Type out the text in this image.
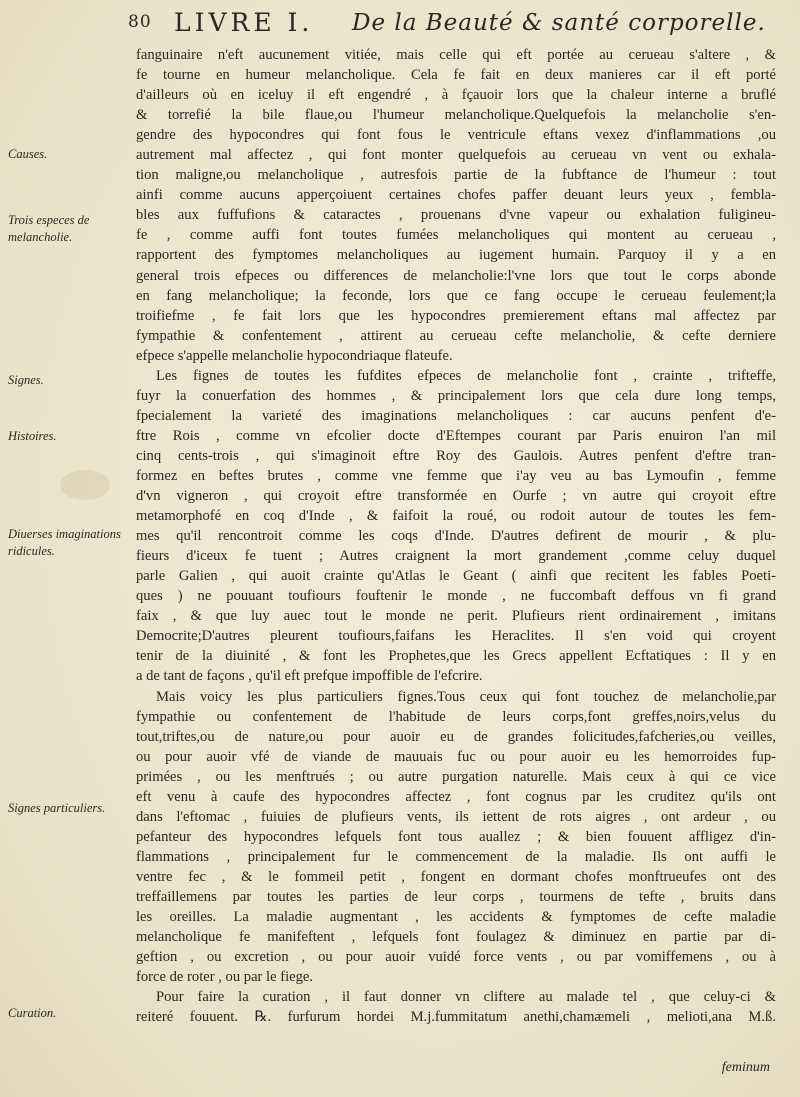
80 LIVRE I. De la Beauté & santé corporelle.
Causes.
Trois especes de melancholie.
Signes.
Histoires.
Diuerses imaginations ridicules.
Signes particuliers.
Curation.
fanguinaire n'eft aucunement vitiée, mais celle qui eft portée au cerueau s'altere , &
fe tourne en humeur melancholique. Cela fe fait en deux manieres car il eft porté
d'ailleurs où en iceluy il eft engendré , à fçauoir lors que la chaleur interne a bruflé
& torrefié la bile flaue,ou l'humeur melancholique.Quelquefois la melancholie s'en-
gendre des hypocondres qui font fous le ventricule eftans vexez d'inflammations ,ou
autrement mal affectez , qui font monter quelquefois au cerueau vn vent ou exhala-
tion maligne,ou melancholique , autresfois partie de la fubftance de l'humeur : tout
ainfi comme aucuns apperçoiuent certaines chofes paffer deuant leurs yeux , fembla-
bles aux fuffufions & cataractes , prouenans d'vne vapeur ou exhalation fuligineu-
fe , comme auffi font toutes fumées melancholiques qui montent au cerueau ,
rapportent des fymptomes melancholiques au iugement humain. Parquoy il y a en
general trois efpeces ou differences de melancholie:l'vne lors que tout le corps abonde
en fang melancholique; la feconde, lors que ce fang occupe le cerueau feulement;la
troifiefme , fe fait lors que les hypocondres premierement eftans mal affectez par
fympathie & confentement , attirent au cerueau cefte melancholie, & cefte derniere
efpece s'appelle melancholie hypocondriaque flateufe.
Les fignes de toutes les fufdites efpeces de melancholie font , crainte , trifteffe,
fuyr la conuerfation des hommes , & principalement lors que cela dure long temps,
fpecialement la varieté des imaginations melancholiques : car aucuns penfent d'e-
ftre Rois , comme vn efcolier docte d'Eftempes courant par Paris enuiron l'an mil
cinq cents-trois , qui s'imaginoit eftre Roy des Gaulois. Autres penfent d'eftre tran-
formez en beftes brutes , comme vne femme que i'ay veu au bas Lymoufin , femme
d'vn vigneron , qui croyoit eftre transformée en Ourfe ; vn autre qui croyoit eftre
metamorphofé en coq d'Inde , & faifoit la roué, ou rodoit autour de toutes les fem-
mes qu'il rencontroit comme les coqs d'Inde. D'autres defirent de mourir , & plu-
fieurs d'iceux fe tuent ; Autres craignent la mort grandement ,comme celuy duquel
parle Galien , qui auoit crainte qu'Atlas le Geant ( ainfi que recitent les fables Poeti-
ques ) ne pouuant toufiours fouftenir le monde , ne fuccombaft deffous vn fi grand
faix , & que luy auec tout le monde ne perit. Plufieurs rient ordinairement , imitans
Democrite;D'autres pleurent toufiours,faifans les Heraclites. Il s'en void qui croyent
tenir de la diuinité , & font les Prophetes,que les Grecs appellent Ecftatiques : Il y en
a de tant de façons , qu'il eft prefque impoffible de l'efcrire.
Mais voicy les plus particuliers fignes.Tous ceux qui font touchez de melancholie,par
fympathie ou confentement de l'habitude de leurs corps,font greffes,noirs,velus du
tout,triftes,ou de nature,ou pour auoir eu de grandes folicitudes,fafcheries,ou veilles,
ou pour auoir vfé de viande de mauuais fuc ou pour auoir eu les hemorroides fup-
primées , ou les menftrués ; ou autre purgation naturelle. Mais ceux à qui ce vice
eft venu à caufe des hypocondres affectez , font cognus par les cruditez qu'ils ont
dans l'eftomac , fuiuies de plufieurs vents, ils iettent de rots aigres , ont ardeur , ou
pefanteur des hypocondres lefquels font tous auallez ; & bien fouuent affligez d'in-
flammations , principalement fur le commencement de la maladie. Ils ont auffi le
ventre fec , & le fommeil petit , fongent en dormant chofes monftrueufes ont des
treffaillemens par toutes les parties de leur corps , tourmens de tefte , bruits dans
les oreilles. La maladie augmentant , les accidents & fymptomes de cefte maladie
melancholique fe manifeftent , lefquels font foulagez & diminuez en partie par di-
geftion , ou excretion , ou pour auoir vuidé force vents , ou par vomiffemens , ou à
force de roter , ou par le fiege.
Pour faire la curation , il faut donner vn cliftere au malade tel , que celuy-ci &
reiteré fouuent. ℞. furfurum hordei M.j.fummitatum anethi,chamæmeli , melioti,ana M.ß.
feminum
